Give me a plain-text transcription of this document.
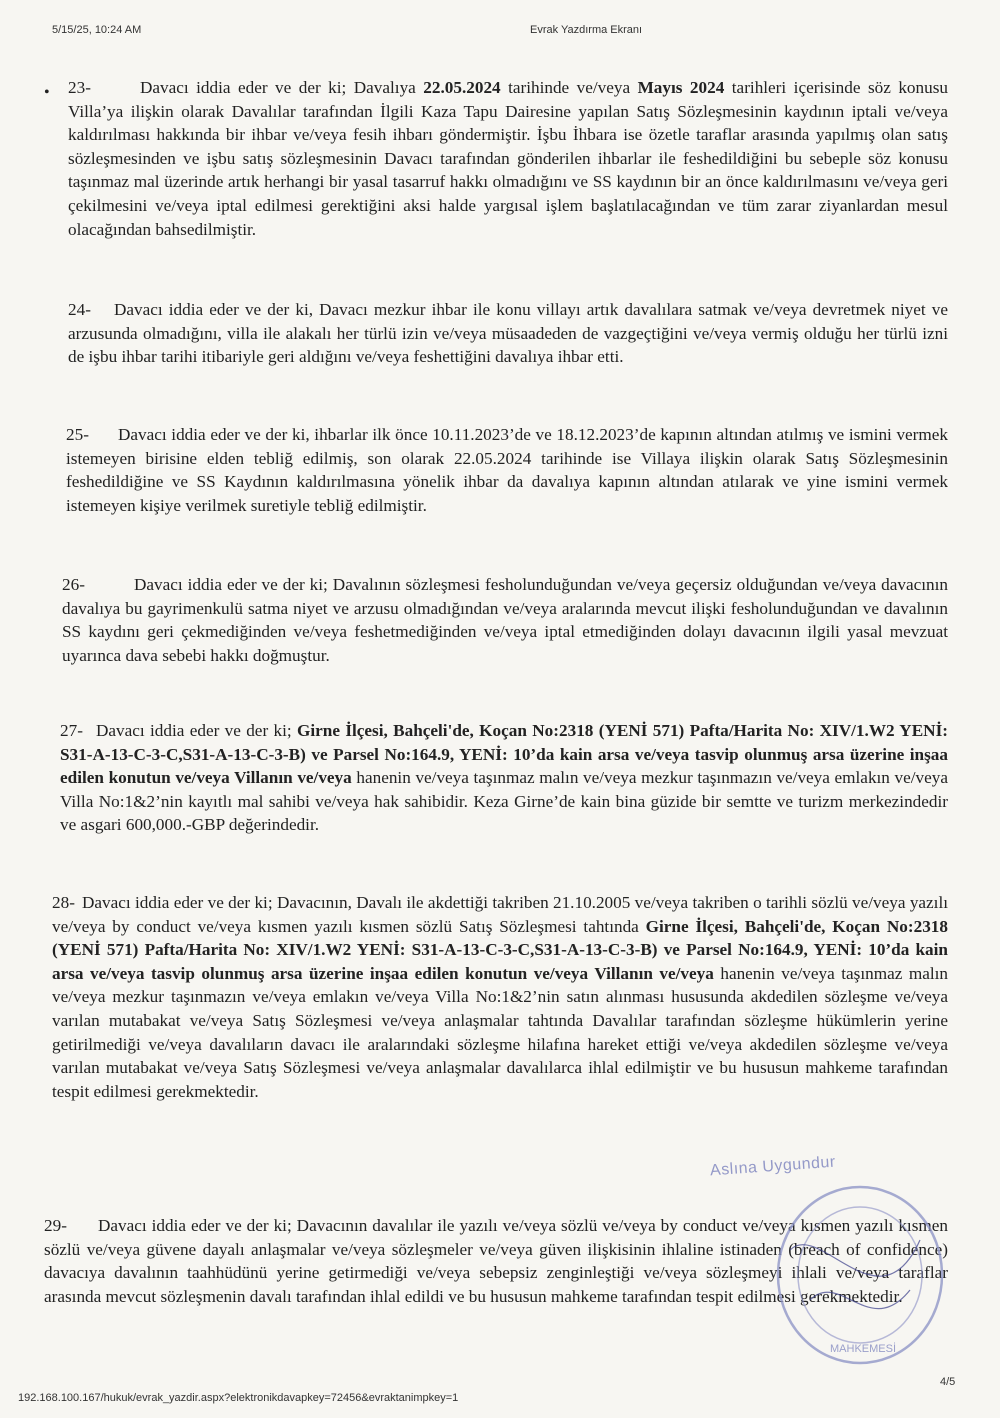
5/15/25, 10:24 AM	Evrak Yazdırma Ekranı
• 23-	Davacı iddia eder ve der ki; Davalıya 22.05.2024 tarihinde ve/veya Mayıs 2024 tarihleri içerisinde söz konusu Villa’ya ilişkin olarak Davalılar tarafından İlgili Kaza Tapu Dairesine yapılan Satış Sözleşmesinin kaydının iptali ve/veya kaldırılması hakkında bir ihbar ve/veya fesih ihbarı göndermiştir. İşbu İhbara ise özetle taraflar arasında yapılmış olan satış sözleşmesinden ve işbu satış sözleşmesinin Davacı tarafından gönderilen ihbarlar ile feshedildiğini bu sebeple söz konusu taşınmaz mal üzerinde artık herhangi bir yasal tasarruf hakkı olmadığını ve SS kaydının bir an önce kaldırılmasını ve/veya geri çekilmesini ve/veya iptal edilmesi gerektiğini aksi halde yargısal işlem başlatılacağından ve tüm zarar ziyanlardan mesul olacağından bahsedilmiştir.
24-	Davacı iddia eder ve der ki, Davacı mezkur ihbar ile konu villayı artık davalılara satmak ve/veya devretmek niyet ve arzusunda olmadığını, villa ile alakalı her türlü izin ve/veya müsaadeden de vazgeçtiğini ve/veya vermiş olduğu her türlü izni de işbu ihbar tarihi itibariyle geri aldığını ve/veya feshettiğini davalıya ihbar etti.
25-	Davacı iddia eder ve der ki, ihbarlar ilk önce 10.11.2023’de ve 18.12.2023’de kapının altından atılmış ve ismini vermek istemeyen birisine elden tebliğ edilmiş, son olarak 22.05.2024 tarihinde ise Villaya ilişkin olarak Satış Sözleşmesinin feshedildiğine ve SS Kaydının kaldırılmasına yönelik ihbar da davalıya kapının altından atılarak ve yine ismini vermek istemeyen kişiye verilmek suretiyle tebliğ edilmiştir.
26-	Davacı iddia eder ve der ki; Davalının sözleşmesi fesholunduğundan ve/veya geçersiz olduğundan ve/veya davacının davalıya bu gayrimenkulü satma niyet ve arzusu olmadığından ve/veya aralarında mevcut ilişki fesholunduğundan ve davalının SS kaydını geri çekmediğinden ve/veya feshetmediğinden ve/veya iptal etmediğinden dolayı davacının ilgili yasal mevzuat uyarınca dava sebebi hakkı doğmuştur.
27- Davacı iddia eder ve der ki; Girne İlçesi, Bahçeli'de, Koçan No:2318 (YENİ 571) Pafta/Harita No: XIV/1.W2 YENİ: S31-A-13-C-3-C,S31-A-13-C-3-B) ve Parsel No:164.9, YENİ: 10’da kain arsa ve/veya tasvip olunmuş arsa üzerine inşaa edilen konutun ve/veya Villanın ve/veya hanenin ve/veya taşınmaz malın ve/veya mezkur taşınmazın ve/veya emlakın ve/veya Villa No:1&2’nin kayıtlı mal sahibi ve/veya hak sahibidir. Keza Girne’de kain bina güzide bir semtte ve turizm merkezindedir ve asgari 600,000.-GBP değerindedir.
28- Davacı iddia eder ve der ki; Davacının, Davalı ile akdettiği takriben 21.10.2005 ve/veya takriben o tarihli sözlü ve/veya yazılı ve/veya by conduct ve/veya kısmen yazılı kısmen sözlü Satış Sözleşmesi tahtında Girne İlçesi, Bahçeli'de, Koçan No:2318 (YENİ 571) Pafta/Harita No: XIV/1.W2 YENİ: S31-A-13-C-3-C,S31-A-13-C-3-B) ve Parsel No:164.9, YENİ: 10’da kain arsa ve/veya tasvip olunmuş arsa üzerine inşaa edilen konutun ve/veya Villanın ve/veya hanenin ve/veya taşınmaz malın ve/veya mezkur taşınmazın ve/veya emlakın ve/veya Villa No:1&2’nin satın alınması hususunda akdedilen sözleşme ve/veya varılan mutabakat ve/veya Satış Sözleşmesi ve/veya anlaşmalar tahtında Davalılar tarafından sözleşme hükümlerin yerine getirilmediği ve/veya davalıların davacı ile aralarındaki sözleşme hilafına hareket ettiği ve/veya akdedilen sözleşme ve/veya varılan mutabakat ve/veya Satış Sözleşmesi ve/veya anlaşmalar davalılarca ihlal edilmiştir ve bu hususun mahkeme tarafından tespit edilmesi gerekmektedir.
29-	Davacı iddia eder ve der ki; Davacının davalılar ile yazılı ve/veya sözlü ve/veya by conduct ve/veya kısmen yazılı kısmen sözlü ve/veya güvene dayalı anlaşmalar ve/veya sözleşmeler ve/veya güven ilişkisinin ihlaline istinaden (breach of confidence) davacıya davalının taahhüdünü yerine getirmediği ve/veya sebepsiz zenginleştiği ve/veya sözleşmeyi ihlali ve/veya taraflar arasında mevcut sözleşmenin davalı tarafından ihlal edildi ve bu hususun mahkeme tarafından tespit edilmesi gerekmektedir.
Aslına Uygundur
MAHKEMESİ
192.168.100.167/hukuk/evrak_yazdir.aspx?elektronikdavapkey=72456&evraktanimpkey=1
4/5
